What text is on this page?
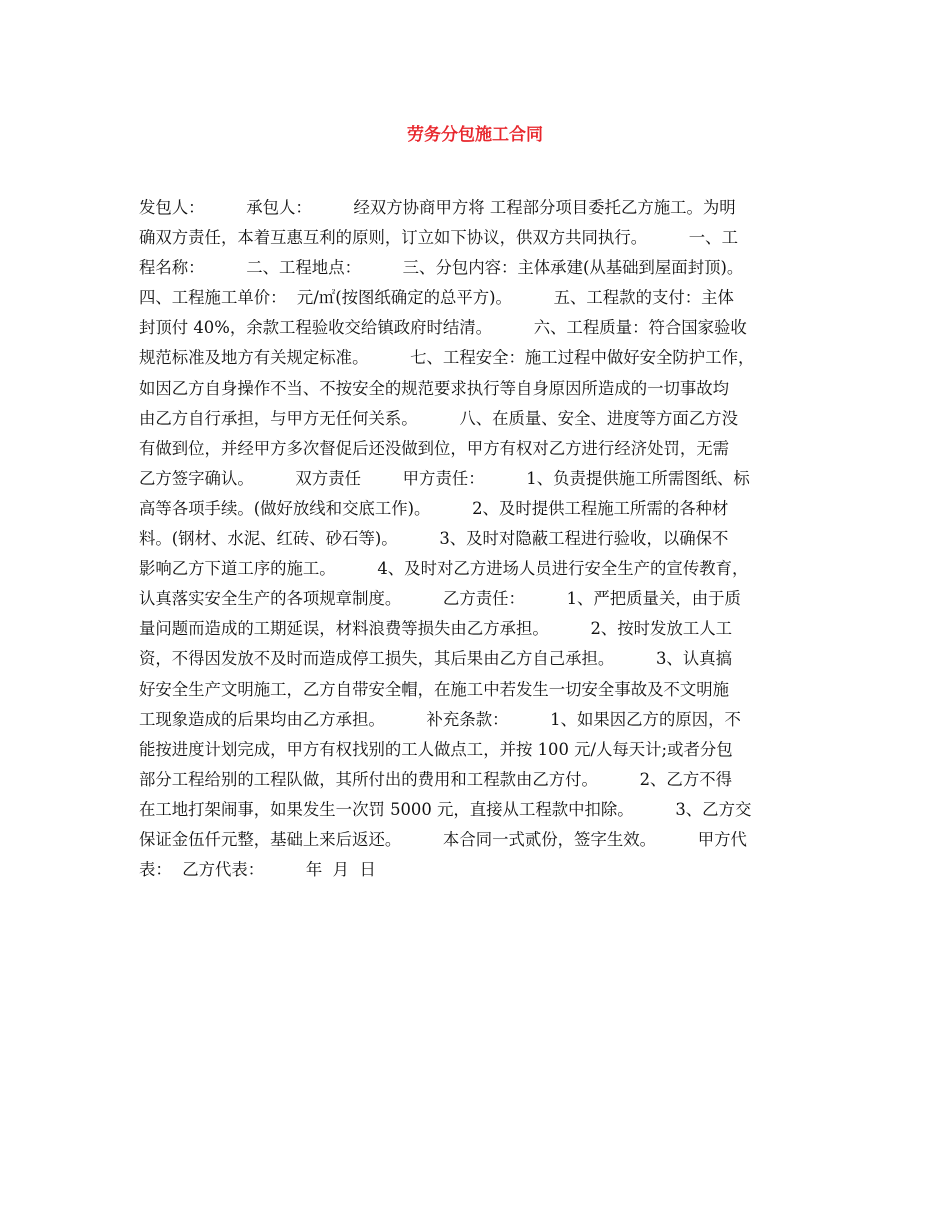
劳务分包施工合同
发包人：        承包人：        经双方协商甲方将 工程部分项目委托乙方施工。为明
确双方责任，本着互惠互利的原则，订立如下协议，供双方共同执行。        一、工
程名称：        二、工程地点：        三、分包内容：主体承建(从基础到屋面封顶)。
四、工程施工单价：  元/㎡(按图纸确定的总平方)。        五、工程款的支付：主体
封顶付 40%，余款工程验收交给镇政府时结清。        六、工程质量：符合国家验收
规范标准及地方有关规定标准。        七、工程安全：施工过程中做好安全防护工作，
如因乙方自身操作不当、不按安全的规范要求执行等自身原因所造成的一切事故均
由乙方自行承担，与甲方无任何关系。        八、在质量、安全、进度等方面乙方没
有做到位，并经甲方多次督促后还没做到位，甲方有权对乙方进行经济处罚，无需
乙方签字确认。        双方责任        甲方责任：        1、负责提供施工所需图纸、标
高等各项手续。(做好放线和交底工作)。        2、及时提供工程施工所需的各种材
料。(钢材、水泥、红砖、砂石等)。        3、及时对隐蔽工程进行验收，以确保不
影响乙方下道工序的施工。        4、及时对乙方进场人员进行安全生产的宣传教育，
认真落实安全生产的各项规章制度。        乙方责任：        1、严把质量关，由于质
量问题而造成的工期延误，材料浪费等损失由乙方承担。        2、按时发放工人工
资，不得因发放不及时而造成停工损失，其后果由乙方自己承担。        3、认真搞
好安全生产文明施工，乙方自带安全帽，在施工中若发生一切安全事故及不文明施
工现象造成的后果均由乙方承担。        补充条款：        1、如果因乙方的原因，不
能按进度计划完成，甲方有权找别的工人做点工，并按 100 元/人每天计;或者分包
部分工程给别的工程队做，其所付出的费用和工程款由乙方付。        2、乙方不得
在工地打架闹事，如果发生一次罚 5000 元，直接从工程款中扣除。        3、乙方交
保证金伍仟元整，基础上来后返还。        本合同一式贰份，签字生效。        甲方代
表：  乙方代表：        年  月  日
